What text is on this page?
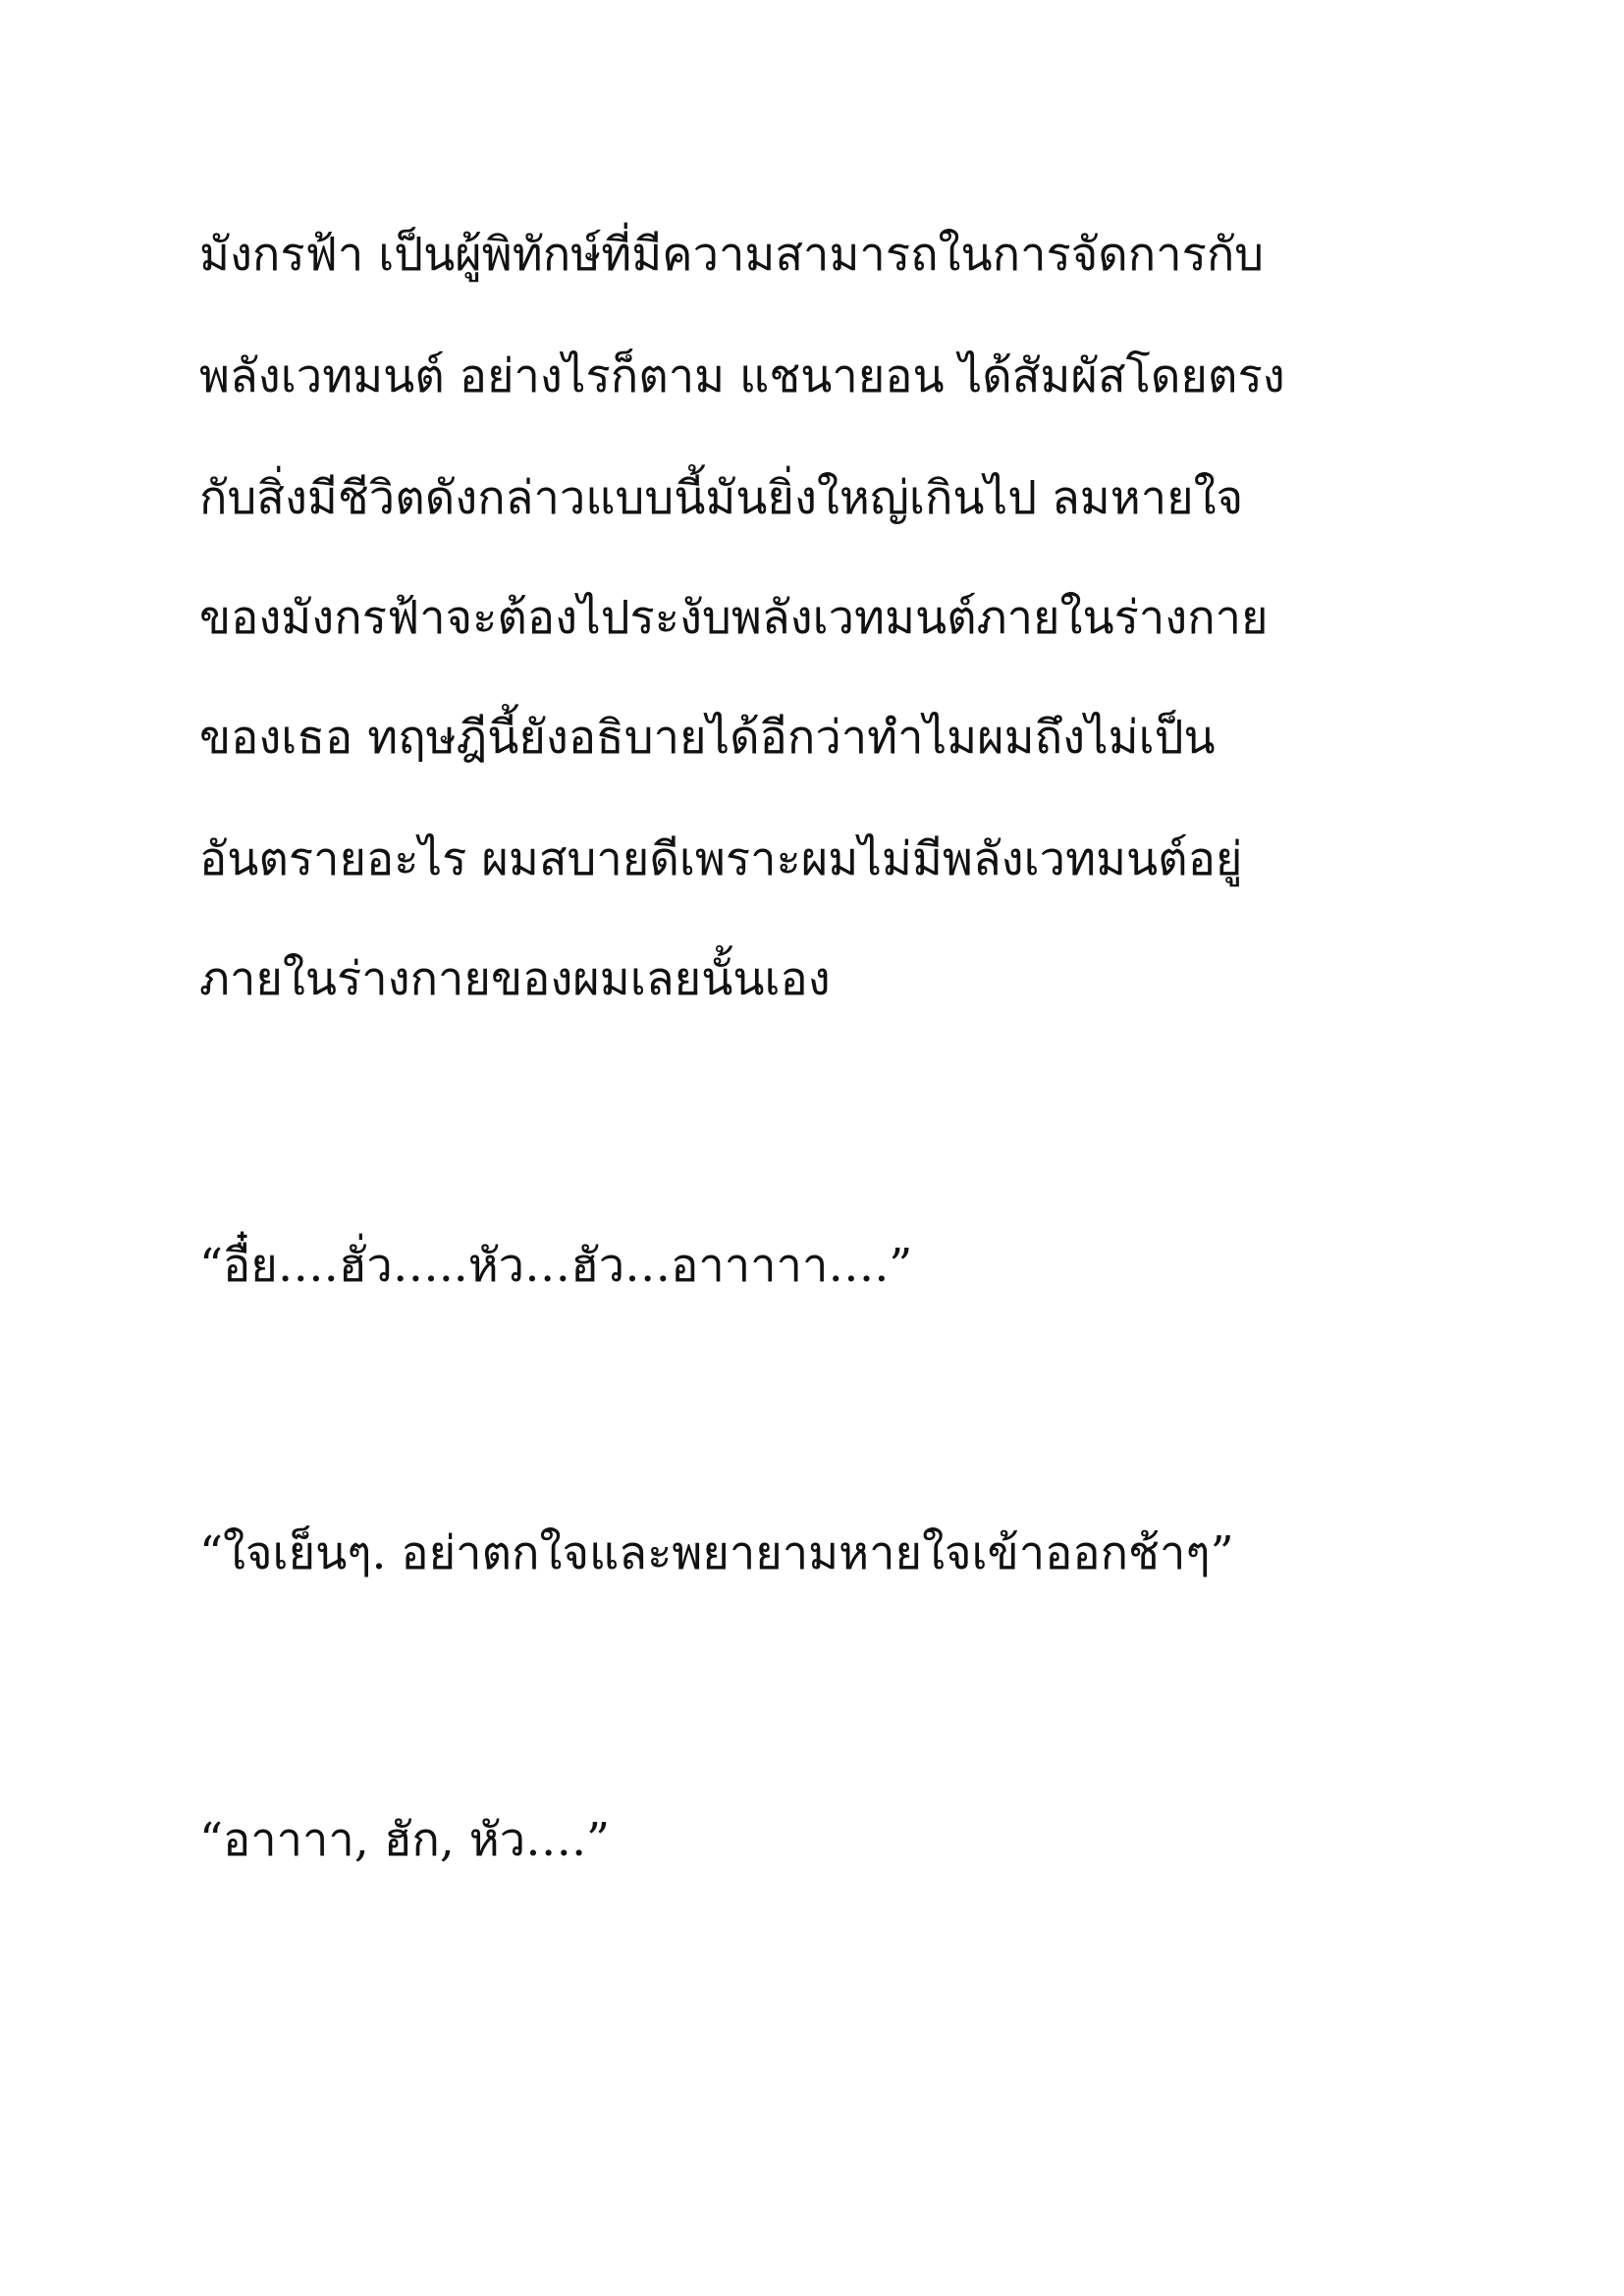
มังกรฟ้า เป็นผู้พิทักษ์ที่มีความสามารถในการจัดการกับ

พลังเวทมนต์ อย่างไรก็ตาม แชนายอน ได้สัมผัสโดยตรง

กับสิ่งมีชีวิตดังกล่าวแบบนี้มันยิ่งใหญ่เกินไป ลมหายใจ

ของมังกรฟ้าจะต้องไประงับพลังเวทมนต์ภายในร่างกาย

ของเธอ ทฤษฎีนี้ยังอธิบายได้อีกว่าทำไมผมถึงไม่เป็น

อันตรายอะไร ผมสบายดีเพราะผมไม่มีพลังเวทมนต์อยู่

ภายในร่างกายของผมเลยนั้นเอง

“อื๋ย….ฮั่ว…..หัว…ฮัว…อาาาาา….”

“ใจเย็นๆ. อย่าตกใจและพยายามหายใจเข้าออกช้าๆ”

“อาาาา, ฮัก, หัว….”
